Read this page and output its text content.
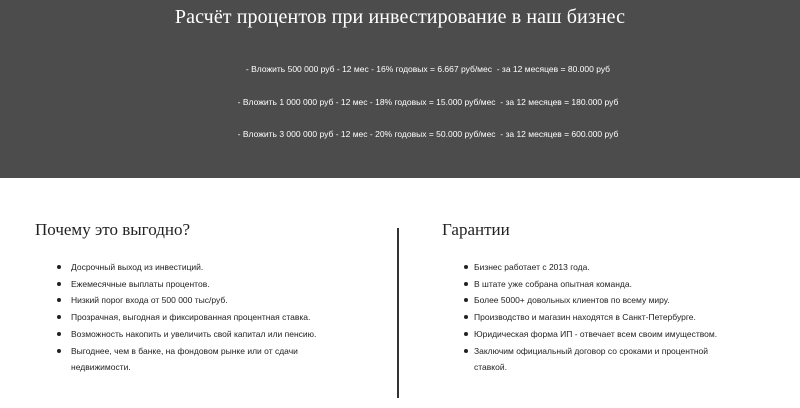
Расчёт процентов при инвестирование в наш бизнес
- Вложить 500 000 руб - 12 мес - 16% годовых = 6.667 руб/мес  - за 12 месяцев = 80.000 руб
- Вложить 1 000 000 руб - 12 мес - 18% годовых = 15.000 руб/мес  - за 12 месяцев = 180.000 руб
- Вложить 3 000 000 руб - 12 мес - 20% годовых = 50.000 руб/мес  - за 12 месяцев = 600.000 руб
Почему это выгодно?
Досрочный выход из инвестиций.
Ежемесячные выплаты процентов.
Низкий порог входа от 500 000 тыс/руб.
Прозрачная, выгодная и фиксированная процентная ставка.
Возможность накопить и увеличить свой капитал или пенсию.
Выгоднее, чем в банке, на фондовом рынке или от сдачи недвижимости.
Гарантии
Бизнес работает с 2013 года.
В штате уже собрана опытная команда.
Более 5000+ довольных клиентов по всему миру.
Производство и магазин находятся в Санкт-Петербурге.
Юридическая форма ИП - отвечает всем своим имуществом.
Заключим официальный договор со сроками и процентной ставкой.
